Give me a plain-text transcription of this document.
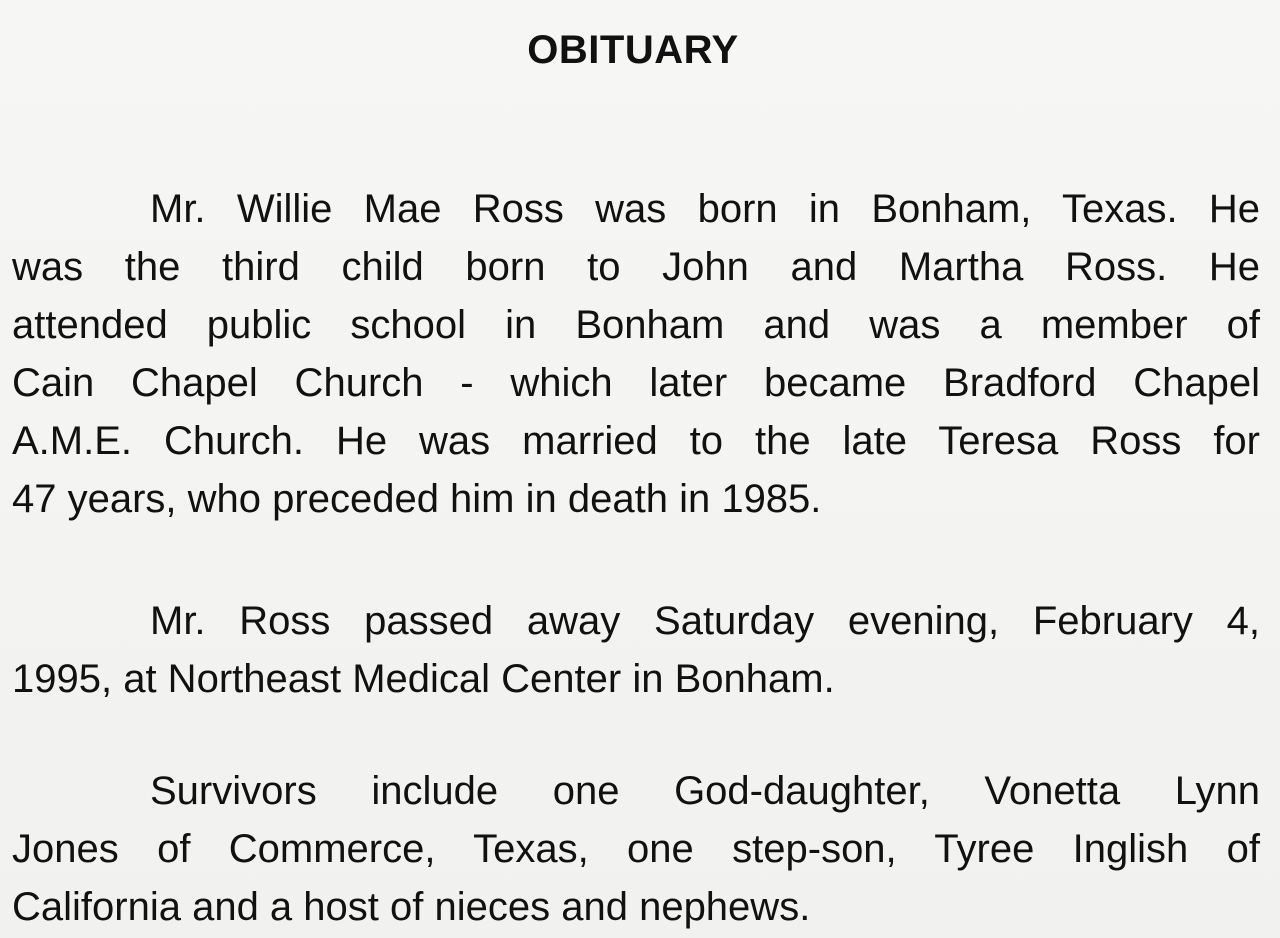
OBITUARY
Mr. Willie Mae Ross was born in Bonham, Texas. He
was the third child born to John and Martha Ross. He
attended public school in Bonham and was a member of
Cain Chapel Church - which later became Bradford Chapel
A.M.E. Church. He was married to the late Teresa Ross for
47 years, who preceded him in death in 1985.
Mr. Ross passed away Saturday evening, February 4,
1995, at Northeast Medical Center in Bonham.
Survivors include one God-daughter, Vonetta Lynn
Jones of Commerce, Texas, one step-son, Tyree Inglish of
California and a host of nieces and nephews.
